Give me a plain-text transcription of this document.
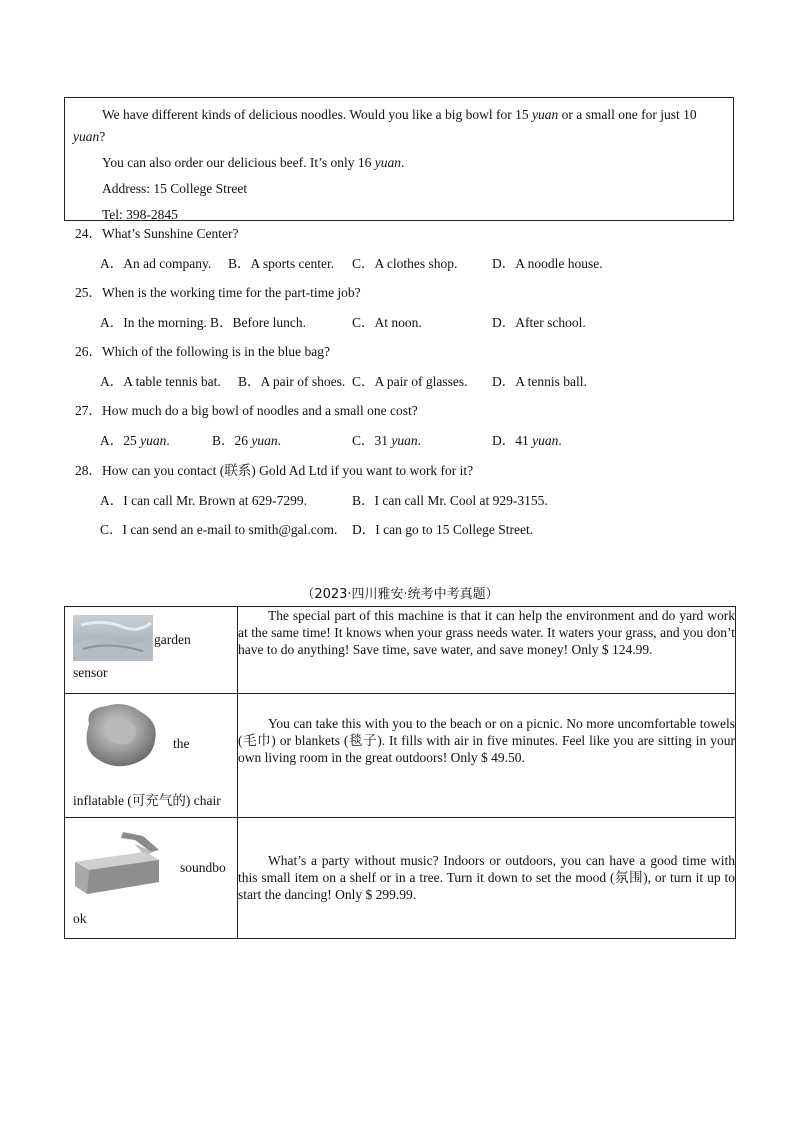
We have different kinds of delicious noodles. Would you like a big bowl for 15 yuan or a small one for just 10
yuan?

You can also order our delicious beef. It’s only 16 yuan.

Address: 15 College Street

Tel: 398-2845

24．What’s Sunshine Center?
A．An ad company. B．A sports center. C．A clothes shop.	D．A noodle house.
25．When is the working time for the part-time job?
A．In the morning. B．Before lunch.	C．At noon.	D．After school.
26．Which of the following is in the blue bag?
A．A table tennis bat. B．A pair of shoes. C．A pair of glasses. D．A tennis ball.
27．How much do a big bowl of noodles and a small one cost?
A．25 yuan.	B．26 yuan.	C．31 yuan.	D．41 yuan.
28．How can you contact (联系) Gold Ad Ltd if you want to work for it?
A．I can call Mr. Brown at 629-7299.	B．I can call Mr. Cool at 929-3155.
C．I can send an e-mail to smith@gal.com. D．I can go to 15 College Street.
（2023·四川雅安·统考中考真题）
garden
sensor	The special part of this machine is that it can help the environment and do yard work at the same time! It knows when your grass needs water. It waters your grass, and you don’t have to do anything! Save time, save water, and save money! Only $ 124.99.

the
inflatable (可充气的) chair	You can take this with you to the beach or on a picnic. No more uncomfortable towels (毛巾) or blankets (毯子). It fills with air in five minutes. Feel like you are sitting in your own living room in the great outdoors! Only $ 49.50.

soundbo
ok	What’s a party without music? Indoors or outdoors, you can have a good time with this small item on a shelf or in a tree. Turn it down to set the mood (氛围), or turn it up to start the dancing! Only $ 299.99.
